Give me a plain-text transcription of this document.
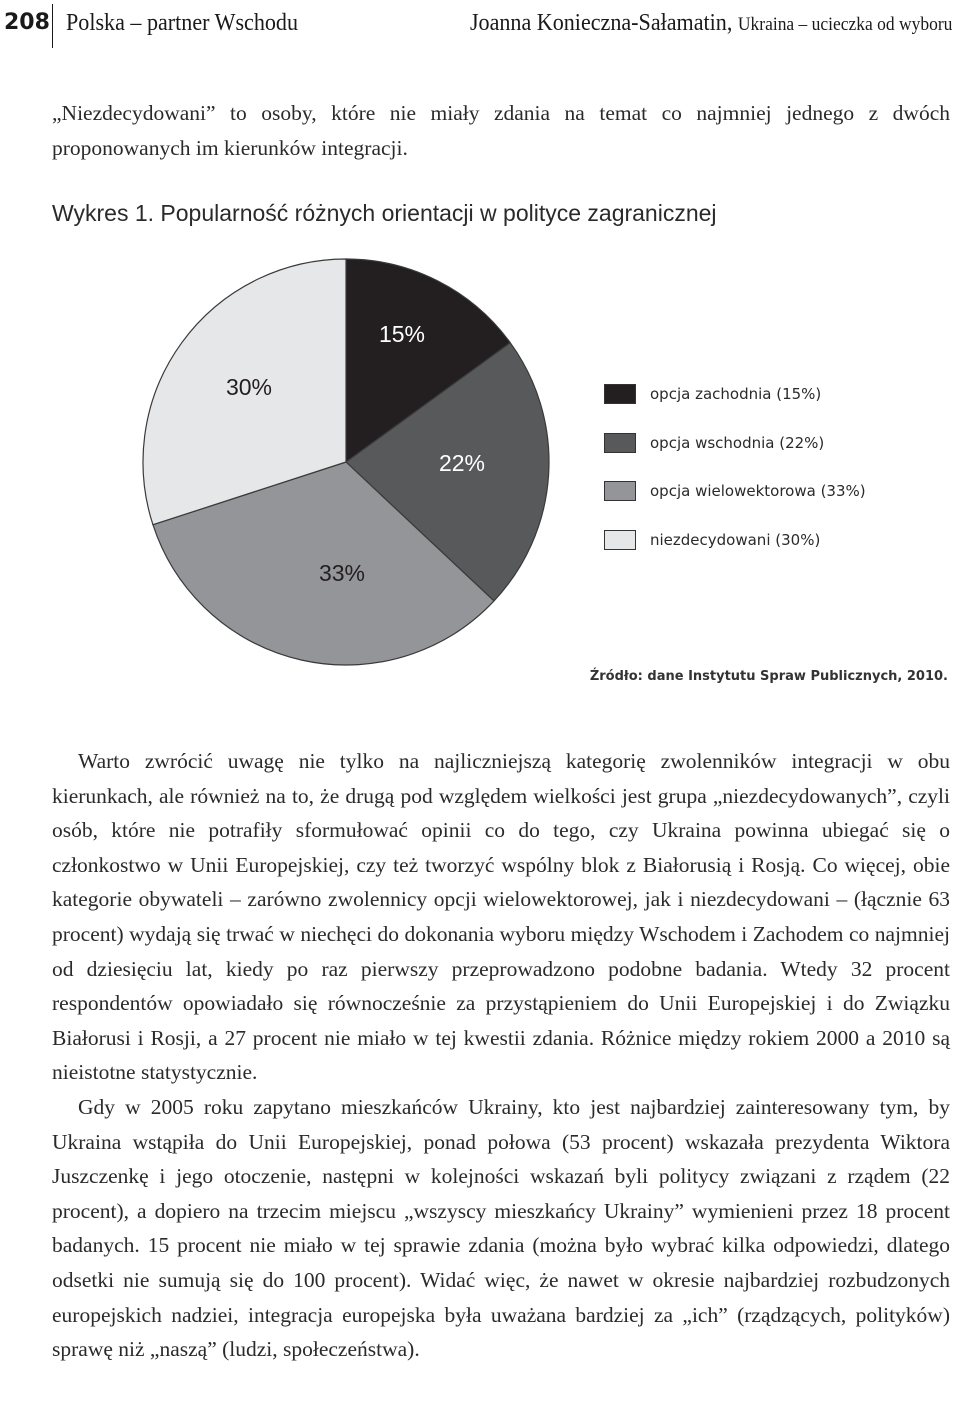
208 Polska – partner Wschodu	Joanna Konieczna-Sałamatin, Ukraina – ucieczka od wyboru
„Niezdecydowani” to osoby, które nie miały zdania na temat co najmniej jednego z dwóch proponowanych im kierunków integracji.
Wykres 1. Popularność różnych orientacji w polityce zagranicznej
15%
22%
33%
30%	opcja zachodnia (15%)
opcja wschodnia (22%)
opcja wielowektorowa (33%)
niezdecydowani (30%)
Źródło: dane Instytutu Spraw Publicznych, 2010.

Warto zwrócić uwagę nie tylko na najliczniejszą kategorię zwolenników integracji w obu kierunkach, ale również na to, że drugą pod względem wielkości jest grupa „niezdecydowanych”, czyli osób, które nie potrafiły sformułować opinii co do tego, czy Ukraina powinna ubiegać się o członkostwo w Unii Europejskiej, czy też tworzyć wspólny blok z Białorusią i Rosją. Co więcej, obie kategorie obywateli – zarówno zwolennicy opcji wielowektorowej, jak i niezdecydowani – (łącznie 63 procent) wydają się trwać w niechęci do dokonania wyboru między Wschodem i Zachodem co najmniej od dziesięciu lat, kiedy po raz pierwszy przeprowadzono podobne badania. Wtedy 32 procent respondentów opowiadało się równocześnie za przystąpieniem do Unii Europejskiej i do Związku Białorusi i Rosji, a 27 procent nie miało w tej kwestii zdania. Różnice między rokiem 2000 a 2010 są nieistotne statystycznie.

Gdy w 2005 roku zapytano mieszkańców Ukrainy, kto jest najbardziej zainteresowany tym, by Ukraina wstąpiła do Unii Europejskiej, ponad połowa (53 procent) wskazała prezydenta Wiktora Juszczenkę i jego otoczenie, następni w kolejności wskazań byli politycy związani z rządem (22 procent), a dopiero na trzecim miejscu „wszyscy mieszkańcy Ukrainy” wymienieni przez 18 procent badanych. 15 procent nie miało w tej sprawie zdania (można było wybrać kilka odpowiedzi, dlatego odsetki nie sumują się do 100 procent). Widać więc, że nawet w okresie najbardziej rozbudzonych europejskich nadziei, integracja europejska była uważana bardziej za „ich” (rządzących, polityków) sprawę niż „naszą” (ludzi, społeczeństwa).
